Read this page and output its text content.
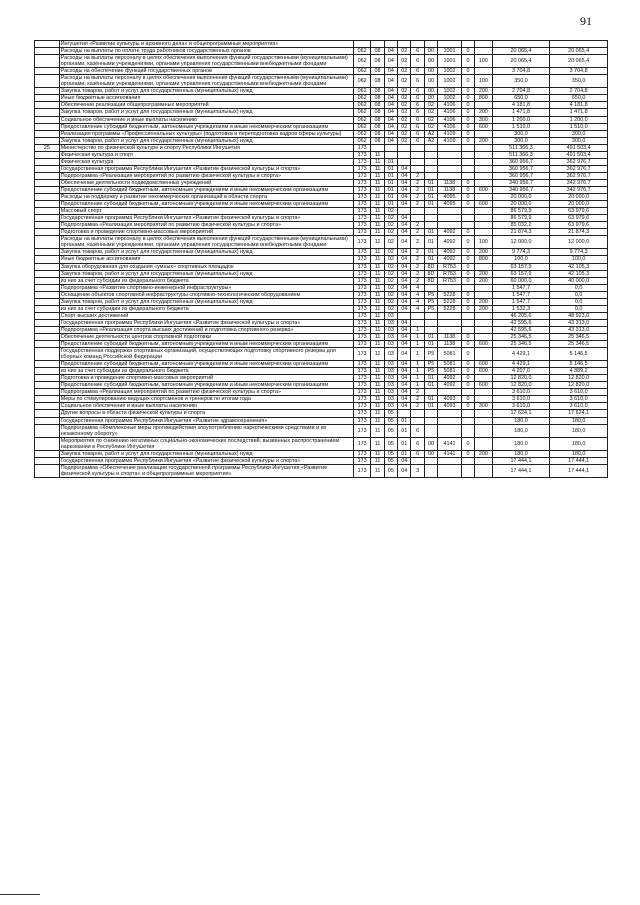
91
	Ингушетия «Развитие культуры и архивного дела» и общепрограммные мероприятия»											
	Расходы на выплаты по оплате труда работников государственных органов	062	08	04	02	6	00	1001	0		20 065,4	20 065,4
	Расходы на выплаты персоналу в целях обеспечения выполнения функций государственными (муниципальными) органами, казёнными учреждениями, органами управления государственными внебюджетными фондами	062	08	04	02	6	00	1001	0	100	20 065,4	20 065,4
	Расходы на обеспечение функций государственных органов	062	08	04	02	6	00	1002	0		3 704,8	3 704,8
	Расходы на выплаты персоналу в целях обеспечения выполнения функций государственными (муниципальными) органами, казёнными учреждениями, органами управления государственными внебюджетными фондами	062	08	04	02	6	00	1002	0	100	350,0	350,0
	Закупка товаров, работ и услуг для государственных (муниципальных) нужд	062	08	04	02	6	00	1002	0	200	2 704,8	2 704,8
	Иные бюджетные ассигнования	062	08	04	02	6	00	1002	0	800	650,0	650,0
	Обеспечение реализации общепрограммных мероприятий	062	08	04	02	6	02	4106	0		4 181,8	4 181,8
	Закупка товаров, работ и услуг для государственных (муниципальных) нужд	062	08	04	02	6	02	4106	0	200	1 471,8	1 471,8
	Социальное обеспечение и иные выплаты населению	062	08	04	02	6	02	4106	0	300	1 200,0	1 200,0
	Предоставление субсидий бюджетным, автономным учреждениям и иным некоммерческим организациям	062	08	04	02	6	02	4106	0	600	1 510,0	1 510,0
	Реализация программы «Профессиональных культуры» (подготовка и переподготовка кадров сферы культуры)	062	08	04	02	6	A2	4109	0		300,0	300,0
	Закупка товаров, работ и услуг для государственных (муниципальных) нужд	062	08	04	02	6	A2	4109	0	200	300,0	300,0
25	Министерство по физической культуре и спорту Республики Ингушетия	173									511 366,3	491 503,4
	Физическая культура и спорт	173	11								511 366,3	491 503,4
	Физическая культура	173	11	01							360 956,7	362 976,7
	Государственная программа Республики Ингушетия «Развитие физической культуры и спорта»	173	11	01	04						360 956,7	362 976,7
	Подпрограмма «Реализация мероприятий по развитию физической культуры и спорта»	173	11	01	04	2					360 956,7	362 976,7
	Обеспечение деятельности подведомственных учреждений	173	11	01	04	2	01	1138	0		340 956,7	342 976,7
	Предоставление субсидий бюджетным, автономным учреждениям и иным некоммерческим организациям	173	11	01	04	2	01	1138	0	600	340 956,7	342 976,7
	Расходы на поддержку и развитие некоммерческих организаций в области спорта	173	11	01	04	2	01	4095	0		20 000,0	20 000,0
	Предоставление субсидий бюджетным, автономным учреждениям и иным некоммерческим организациям	173	11	01	04	2	01	4095	0	600	20 000,0	20 000,0
	Массовый спорт	173	11	02							86 579,9	63 979,6
	Государственная программа Республики Ингушетия «Развитие физической культуры и спорта»	173	11	02	04						86 579,9	63 979,6
	Подпрограмма «Реализация мероприятий по развитию физической культуры и спорта»	173	11	02	04	2					85 032,2	63 979,6
	Подготовка и проведение спортивно-массовых мероприятий	173	11	02	04	2	01	4092	0		21 874,3	21 874,3
	Расходы на выплаты персоналу в целях обеспечения выполнения функций государственными (муниципальными) органами, казёнными учреждениями, органами управления государственными внебюджетными фондами	173	11	02	04	2	01	4092	0	100	12 000,0	12 000,0
	Закупка товаров, работ и услуг для государственных (муниципальных) нужд	173	11	02	04	2	01	4092	0	200	9 774,3	9 774,3
	Иные бюджетные ассигнования	173	11	02	04	2	01	4092	0	800	100,0	100,0
	Закупка оборудования для создания «умных» спортивных площадок	173	11	02	04	2	8D	R753	0		63 157,9	42 105,3
	Закупка товаров, работ и услуг для государственных (муниципальных) нужд	173	11	02	04	2	8D	R753	0	200	63 157,9	42 105,3
	из них за счет субсидии из федерального бюджета	173	11	02	04	2	8D	R753	0	200	60 000,0	40 000,0
	Подпрограмма «Развитие спортивно-инженерной инфраструктуры»	173	11	02	04	4					1 547,7	0,0
	Оснащение объектов спортивной инфраструктуры спортивно-технологическим оборудованием	173	11	02	04	4	P5	5228	0		1 547,7	0,0
	Закупка товаров, работ и услуг для государственных (муниципальных) нужд	173	11	02	04	4	P5	5228	0	200	1 547,7	0,0
	из них за счет субсидии из федерального бюджета	173	11	02	04	4	P5	5228	0	200	1 532,3	0,0
	Спорт высших достижений	173	11	03							46 205,6	48 923,0
	Государственная программа Республики Ингушетия «Развитие физической культуры и спорта»	173	11	03	04						42 595,6	43 313,0
	Подпрограмма «Реализация спорта высших достижений и подготовка спортивного резерва»	173	11	03	04	1					42 595,6	43 313,0
	Обеспечение деятельности центров спортивной подготовки	173	11	03	04	1	01	1138	0		25 346,5	25 346,5
	Предоставление субсидий бюджетным, автономным учреждениям и иным некоммерческим организациям	173	11	03	04	1	01	1138	0	600	25 346,5	25 346,5
	Государственная поддержка спортивных организаций, осуществляющих подготовку спортивного резерва для сборных команд Российской Федерации	173	11	03	04	1	P5	5081	0		4 429,1	5 146,5
	Предоставление субсидий бюджетным, автономным учреждениям и иным некоммерческим организациям	173	11	03	04	1	P5	5081	0	600	4 429,1	5 146,5
	из них за счет субсидии из федерального бюджета	173	11	03	04	1	P5	5081	0	600	4 207,6	4 889,2
	Подготовка и проведение спортивно-массовых мероприятий	173	11	03	04	1	01	4092	0		12 820,0	12 820,0
	Предоставление субсидий бюджетным, автономным учреждениям и иным некоммерческим организациям	173	11	03	04	1	01	4092	0	600	12 820,0	12 820,0
	Подпрограмма «Реализация мероприятий по развитию физической культуры и спорта»	173	11	03	04	2					3 610,0	3 610,0
	Меры по стимулированию ведущих спортсменов и тренеров по итогам года	173	11	03	04	2	01	4093	0		3 610,0	3 610,0
	Социальное обеспечение и иные выплаты населению	173	11	03	04	2	01	4093	0	300	3 610,0	3 610,0
	Другие вопросы в области физической культуры и спорта	173	11	05							17 624,1	17 624,1
	Государственная программа Республики Ингушетия «Развитие здравоохранения»	173	11	05	01						180,0	180,0
	Подпрограмма «Комплексные меры противодействия злоупотреблению наркотическими средствами и их незаконному обороту»	173	11	05	01	6					180,0	180,0
	Мероприятия по снижению негативных социально-экономических последствий, вызванных распространением наркомании в Республике Ингушетия	173	11	05	01	6	00	4141	0		180,0	180,0
	Закупка товаров, работ и услуг для государственных (муниципальных) нужд	173	11	05	01	6	00	4141	0	200	180,0	180,0
	Государственная программа Республики Ингушетия «Развитие физической культуры и спорта»	173	11	05	04						17 444,1	17 444,1
	Подпрограмма «Обеспечение реализации государственной программы Республики Ингушетия «Развитие физической культуры и спорта» и общепрограммные мероприятия»	173	11	05	04	3					17 444,1	17 444,1
